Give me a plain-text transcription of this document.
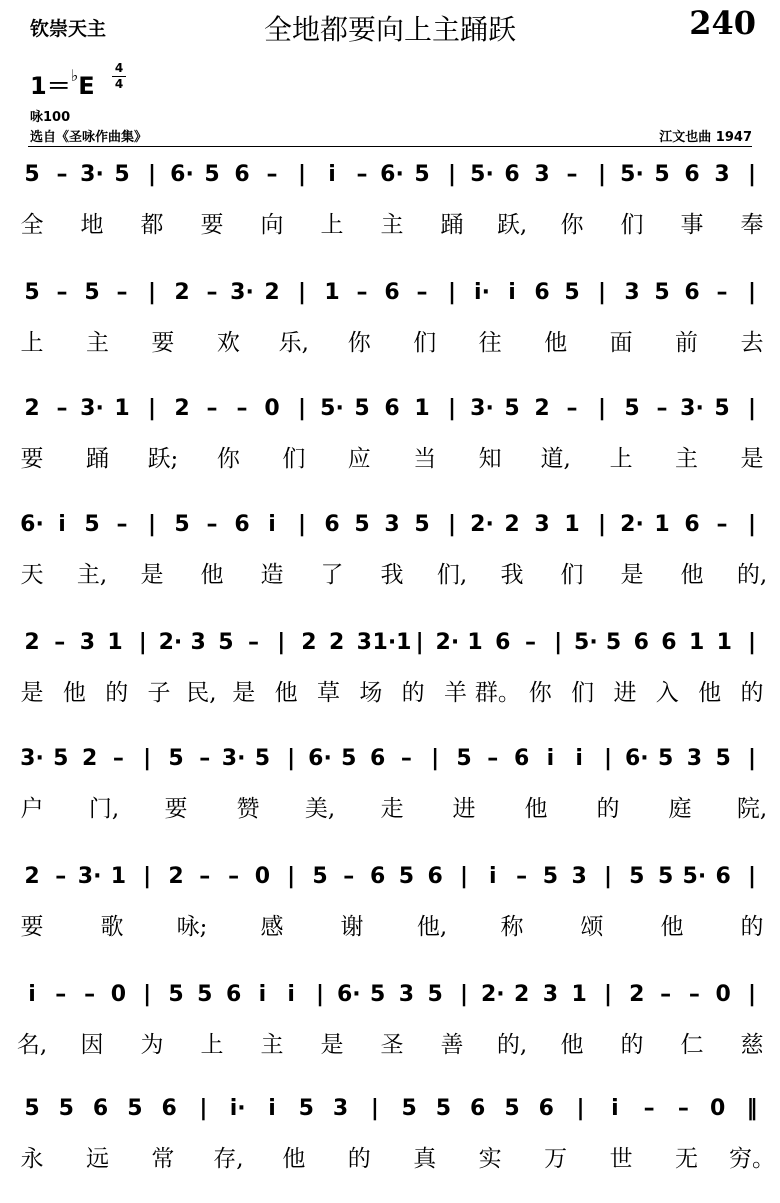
钦崇天主	全地都要向上主踊跃	240
1＝♭E
4
4
咏100
选自《圣咏作曲集》	江文也曲 1947
5 – 3· 5 | 6· 5 6 – | i – 6· 5 | 5· 6 3 – | 5· 5 6 3 |
全 地 都 要 向 上 主 踊 跃, 你 们 事 奉
5 – 5 – | 2 – 3· 2 | 1 – 6 – | i· i 6 5 | 3 5 6 – |
上 主 要 欢 乐, 你 们 往 他 面 前 去
2 – 3· 1 | 2 – – 0 | 5· 5 6 1 | 3· 5 2 – | 5 – 3· 5 |
要 踊 跃; 你 们 应 当 知 道, 上 主 是
6· i 5 – | 5 – 6 i | 6 5 3 5 | 2· 2 3 1 | 2· 1 6 – |
天 主, 是 他 造 了 我 们, 我 们 是 他 的,
2 – 3 1 | 2· 3 5 – | 2 2 3 1·1 | 2· 1 6 – | 5· 5 6 6 1 1 |
是 他 的 子 民, 是 他 草 场 的 羊 群。 你 们 进 入 他 的
3· 5 2 – | 5 – 3· 5 | 6· 5 6 – | 5 – 6 i i | 6· 5 3 5 |
户 门, 要 赞 美, 走 进 他 的 庭 院,
2 – 3· 1 | 2 – – 0 | 5 – 6 5 6 | i – 5 3 | 5 5 5· 6 |
要 歌 咏; 感 谢 他, 称 颂 他 的
i – – 0 | 5 5 6 i i | 6· 5 3 5 | 2· 2 3 1 | 2 – – 0 |
名, 因 为 上 主 是 圣 善 的, 他 的 仁 慈
5 5 6 5 6 | i· i 5 3 | 5 5 6 5 6 | i – – 0 ‖
永 远 常 存, 他 的 真 实 万 世 无 穷。
